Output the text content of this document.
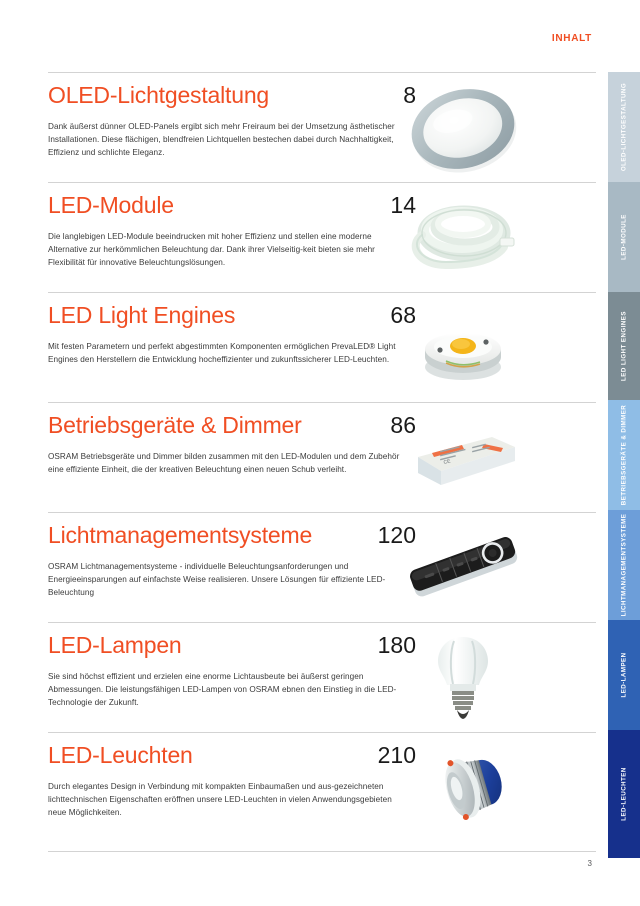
INHALT
OLED-Lichtgestaltung	8
Dank äußerst dünner OLED-Panels ergibt sich mehr Freiraum bei der Umsetzung ästhetischer Installationen. Diese flächigen, blendfreien Lichtquellen bestechen dabei durch Nachhaltigkeit, Effizienz und schlichte Eleganz.
LED-Module	14
Die langlebigen LED-Module beeindrucken mit hoher Effizienz und stellen eine moderne Alternative zur herkömmlichen Beleuchtung dar. Dank ihrer Vielseitig-keit bieten sie mehr Flexibilität für innovative Beleuchtungslösungen.
LED Light Engines	68
Mit festen Parametern und perfekt abgestimmten Komponenten ermöglichen PrevaLED® Light Engines den Herstellern die Entwicklung hocheffizienter und zukunftssicherer LED-Leuchten.
Betriebsgeräte & Dimmer	86
OSRAM Betriebsgeräte und Dimmer bilden zusammen mit den LED-Modulen und dem Zubehör eine effiziente Einheit, die der kreativen Beleuchtung einen neuen Schub verleiht.
CE
Lichtmanagementsysteme	120
OSRAM Lichtmanagementsysteme - individuelle Beleuchtungsanforderungen und Energieeinsparungen auf einfachste Weise realisieren. Unsere Lösungen für effiziente LED-Beleuchtung
LED-Lampen	180
Sie sind höchst effizient und erzielen eine enorme Lichtausbeute bei äußerst geringen Abmessungen. Die leistungsfähigen LED-Lampen von OSRAM ebnen den Einstieg in die LED-Technologie der Zukunft.
LED-Leuchten	210
Durch elegantes Design in Verbindung mit kompakten Einbaumaßen und aus-gezeichneten lichttechnischen Eigenschaften eröffnen unsere LED-Leuchten in vielen Anwendungsgebieten neue Möglichkeiten.
OLED-LICHTGESTALTUNG
LED-MODULE
LED LIGHT ENGINES
BETRIEBSGERÄTE & DIMMER
LICHTMANAGEMENTSYSTEME
LED-LAMPEN
LED-LEUCHTEN
3
